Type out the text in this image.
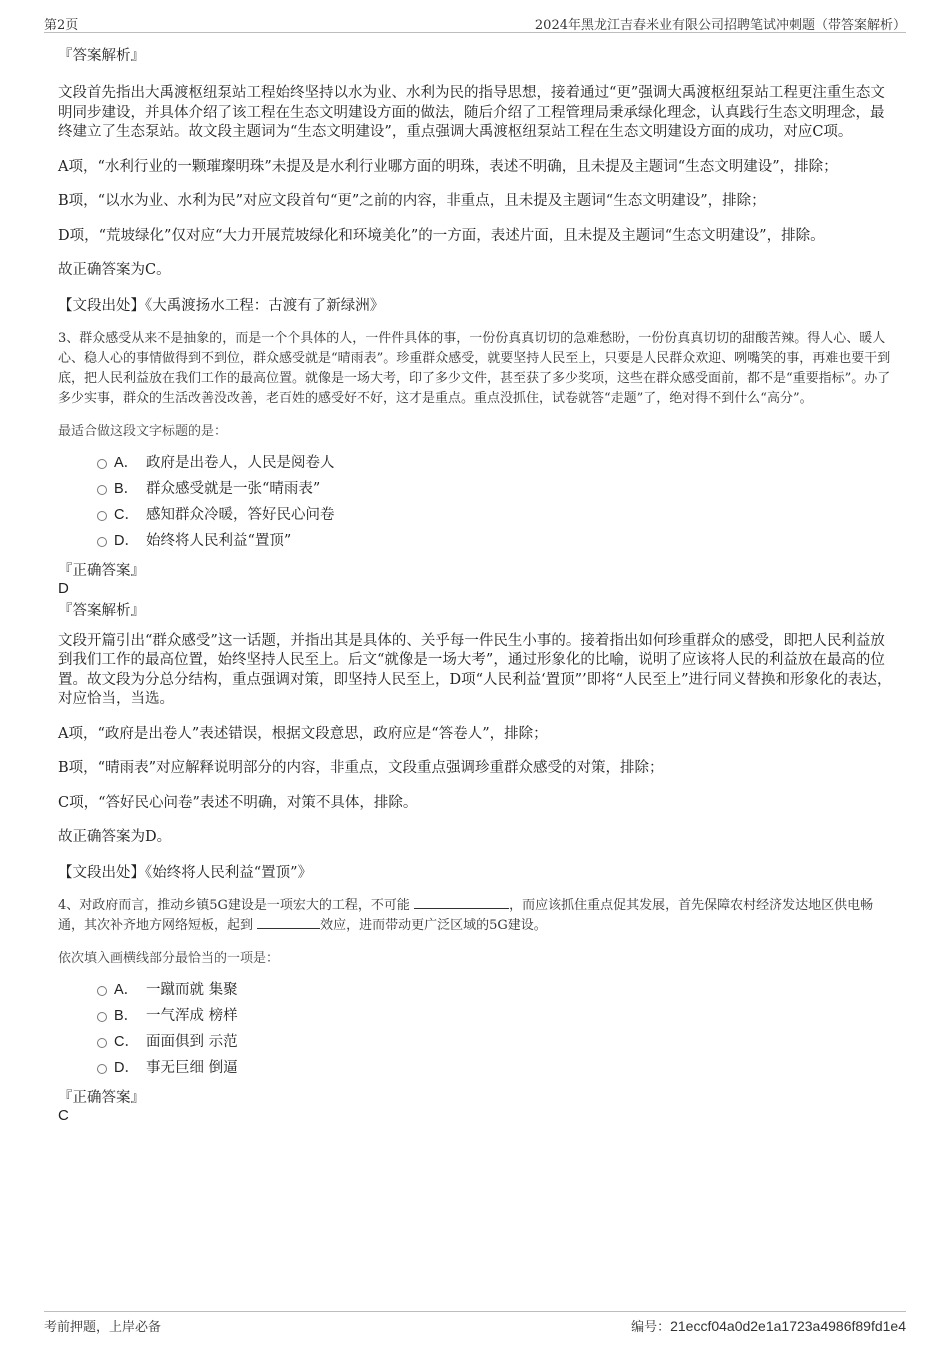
第2页	2024年黑龙江吉春米业有限公司招聘笔试冲刺题（带答案解析）
『答案解析』

文段首先指出大禹渡枢纽泵站工程始终坚持以水为业、水利为民的指导思想，接着通过“更”强调大禹渡枢纽泵站工程更注重生态文明同步建设，并具体介绍了该工程在生态文明建设方面的做法，随后介绍了工程管理局秉承绿化理念，认真践行生态文明理念，最终建立了生态泵站。故文段主题词为“生态文明建设”，重点强调大禹渡枢纽泵站工程在生态文明建设方面的成功，对应C项。

A项，“水利行业的一颗璀璨明珠”未提及是水利行业哪方面的明珠，表述不明确，且未提及主题词“生态文明建设”，排除；

B项，“以水为业、水利为民”对应文段首句“更”之前的内容，非重点，且未提及主题词“生态文明建设”，排除；

D项，“荒坡绿化”仅对应“大力开展荒坡绿化和环境美化”的一方面，表述片面，且未提及主题词“生态文明建设”，排除。

故正确答案为C。

【文段出处】《大禹渡扬水工程：古渡有了新绿洲》

3、群众感受从来不是抽象的，而是一个个具体的人，一件件具体的事，一份份真真切切的急难愁盼，一份份真真切切的甜酸苦辣。得人心、暖人心、稳人心的事情做得到不到位，群众感受就是“晴雨表”。珍重群众感受，就要坚持人民至上，只要是人民群众欢迎、咧嘴笑的事，再难也要干到底，把人民利益放在我们工作的最高位置。就像是一场大考，印了多少文件，甚至获了多少奖项，这些在群众感受面前，都不是“重要指标”。办了多少实事，群众的生活改善没改善，老百姓的感受好不好，这才是重点。重点没抓住，试卷就答“走题”了，绝对得不到什么“高分”。

最适合做这段文字标题的是：

A． 政府是出卷人，人民是阅卷人
B． 群众感受就是一张“晴雨表”
C． 感知群众冷暖，答好民心问卷
D． 始终将人民利益“置顶”
『正确答案』
D
『答案解析』

文段开篇引出“群众感受”这一话题，并指出其是具体的、关乎每一件民生小事的。接着指出如何珍重群众的感受，即把人民利益放到我们工作的最高位置，始终坚持人民至上。后文“就像是一场大考”，通过形象化的比喻，说明了应该将人民的利益放在最高的位置。故文段为分总分结构，重点强调对策，即坚持人民至上，D项“人民利益‘置顶”’即将“人民至上”进行同义替换和形象化的表达，对应恰当，当选。

A项，“政府是出卷人”表述错误，根据文段意思，政府应是“答卷人”，排除；

B项，“晴雨表”对应解释说明部分的内容，非重点，文段重点强调珍重群众感受的对策，排除；

C项，“答好民心问卷”表述不明确，对策不具体，排除。

故正确答案为D。

【文段出处】《始终将人民利益“置顶”》

4、对政府而言，推动乡镇5G建设是一项宏大的工程，不可能	，而应该抓住重点促其发展，首先保障农村经济发达地区供电畅通，其次补齐地方网络短板，起到	效应，进而带动更广泛区域的5G建设。

依次填入画横线部分最恰当的一项是：

A． 一蹴而就 集聚
B． 一气浑成 榜样
C． 面面俱到 示范
D． 事无巨细 倒逼
『正确答案』
C
考前押题，上岸必备	编号：21eccf04a0d2e1a1723a4986f89fd1e4
